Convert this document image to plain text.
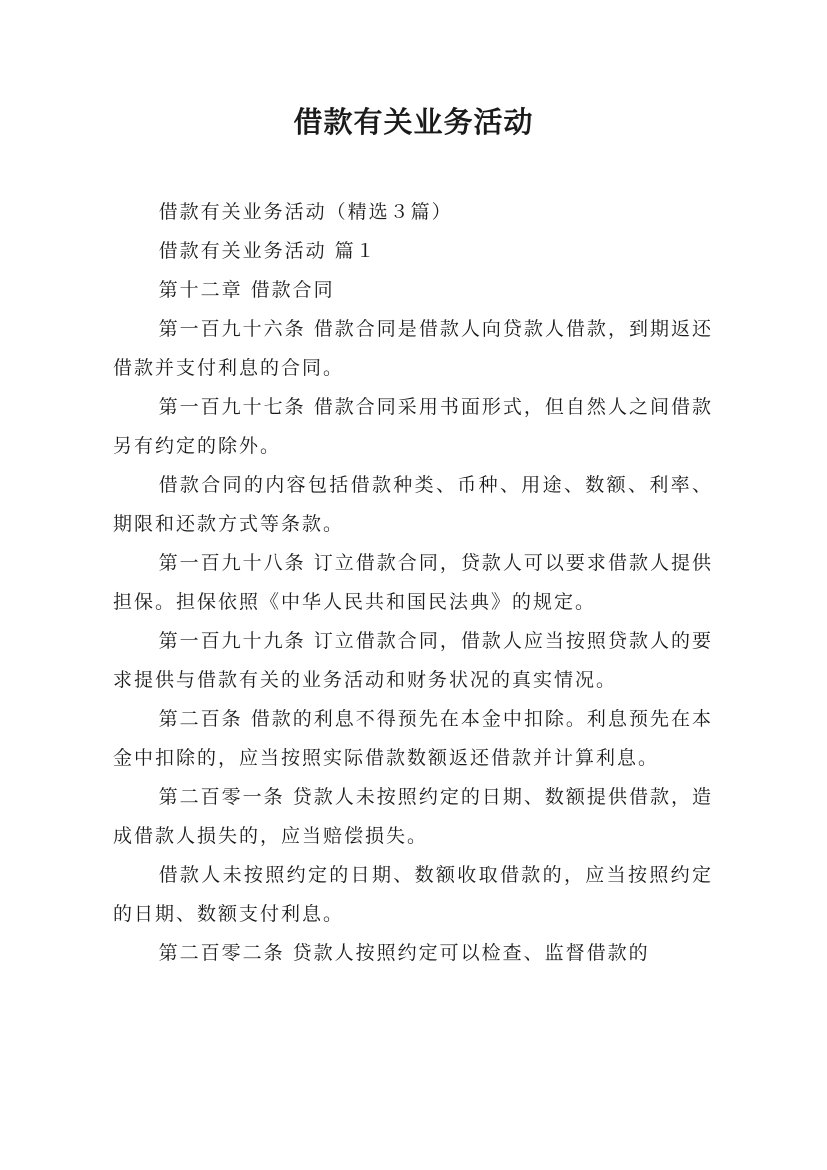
借款有关业务活动

借款有关业务活动（精选３篇）

借款有关业务活动 篇１

第十二章 借款合同

第一百九十六条 借款合同是借款人向贷款人借款，到期返还借款并支付利息的合同。

第一百九十七条 借款合同采用书面形式，但自然人之间借款另有约定的除外。

借款合同的内容包括借款种类、币种、用途、数额、利率、期限和还款方式等条款。

第一百九十八条 订立借款合同，贷款人可以要求借款人提供担保。担保依照《中华人民共和国民法典》的规定。

第一百九十九条 订立借款合同，借款人应当按照贷款人的要求提供与借款有关的业务活动和财务状况的真实情况。

第二百条 借款的利息不得预先在本金中扣除。利息预先在本金中扣除的，应当按照实际借款数额返还借款并计算利息。

第二百零一条 贷款人未按照约定的日期、数额提供借款，造成借款人损失的，应当赔偿损失。

借款人未按照约定的日期、数额收取借款的，应当按照约定的日期、数额支付利息。

第二百零二条 贷款人按照约定可以检查、监督借款的
